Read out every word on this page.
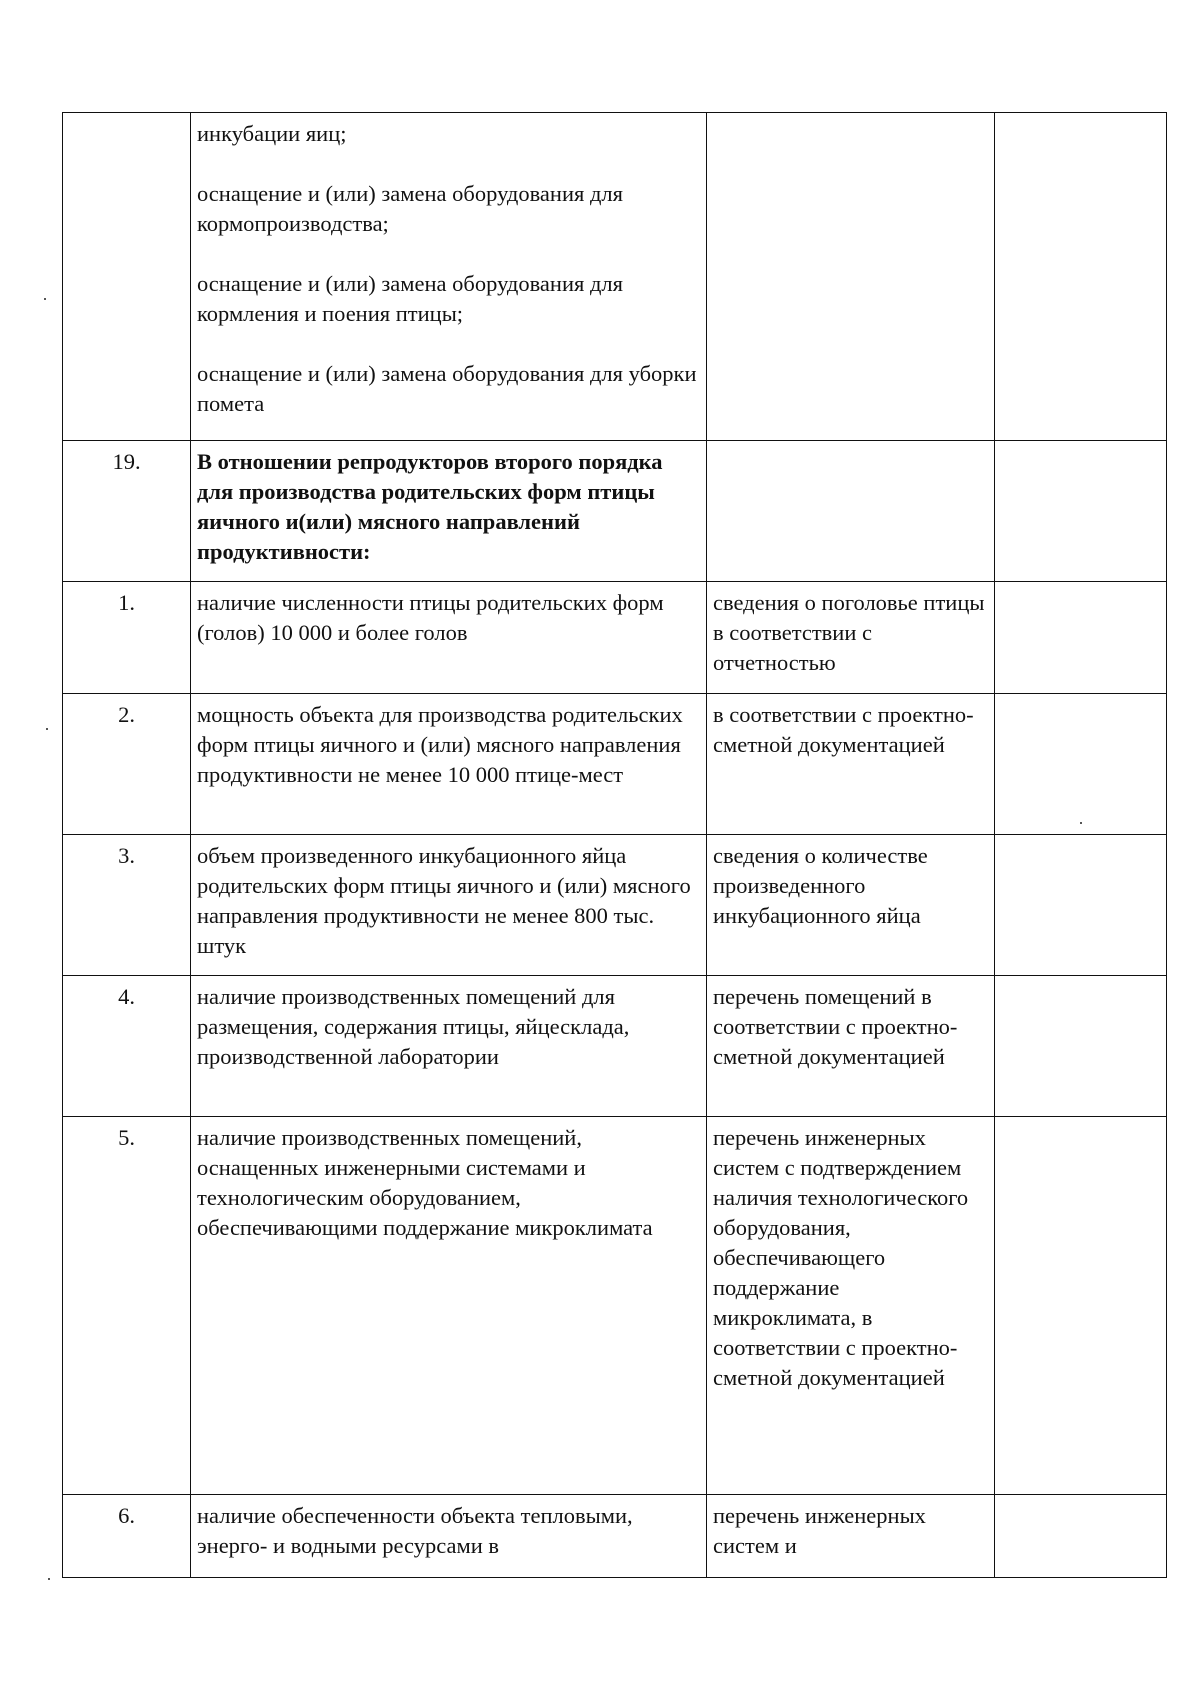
	инкубации яиц;

оснащение и (или) замена оборудования для кормопроизводства;

оснащение и (или) замена оборудования для кормления и поения птицы;

оснащение и (или) замена оборудования для уборки помета		

19.	В отношении репродукторов второго порядка для производства родительских форм птицы яичного и(или) мясного направлений продуктивности:		
1.	наличие численности птицы родительских форм (голов) 10 000 и более голов	сведения о поголовье птицы в соответствии с отчетностью	
2.	мощность объекта для производства родительских форм птицы яичного и (или) мясного направления продуктивности не менее 10 000 птице-мест	в соответствии с проектно-сметной документацией	
3.	объем произведенного инкубационного яйца родительских форм птицы яичного и (или) мясного направления продуктивности не менее 800 тыс. штук	сведения о количестве произведенного инкубационного яйца	
4.	наличие производственных помещений для размещения, содержания птицы, яйцесклада, производственной лаборатории	перечень помещений в соответствии с проектно-сметной документацией	
5.	наличие производственных помещений, оснащенных инженерными системами и технологическим оборудованием, обеспечивающими поддержание микроклимата	перечень инженерных систем с подтверждением наличия технологического оборудования, обеспечивающего поддержание микроклимата, в соответствии с проектно-сметной документацией	
6.	наличие обеспеченности объекта тепловыми, энерго- и водными ресурсами в	перечень инженерных систем и	
